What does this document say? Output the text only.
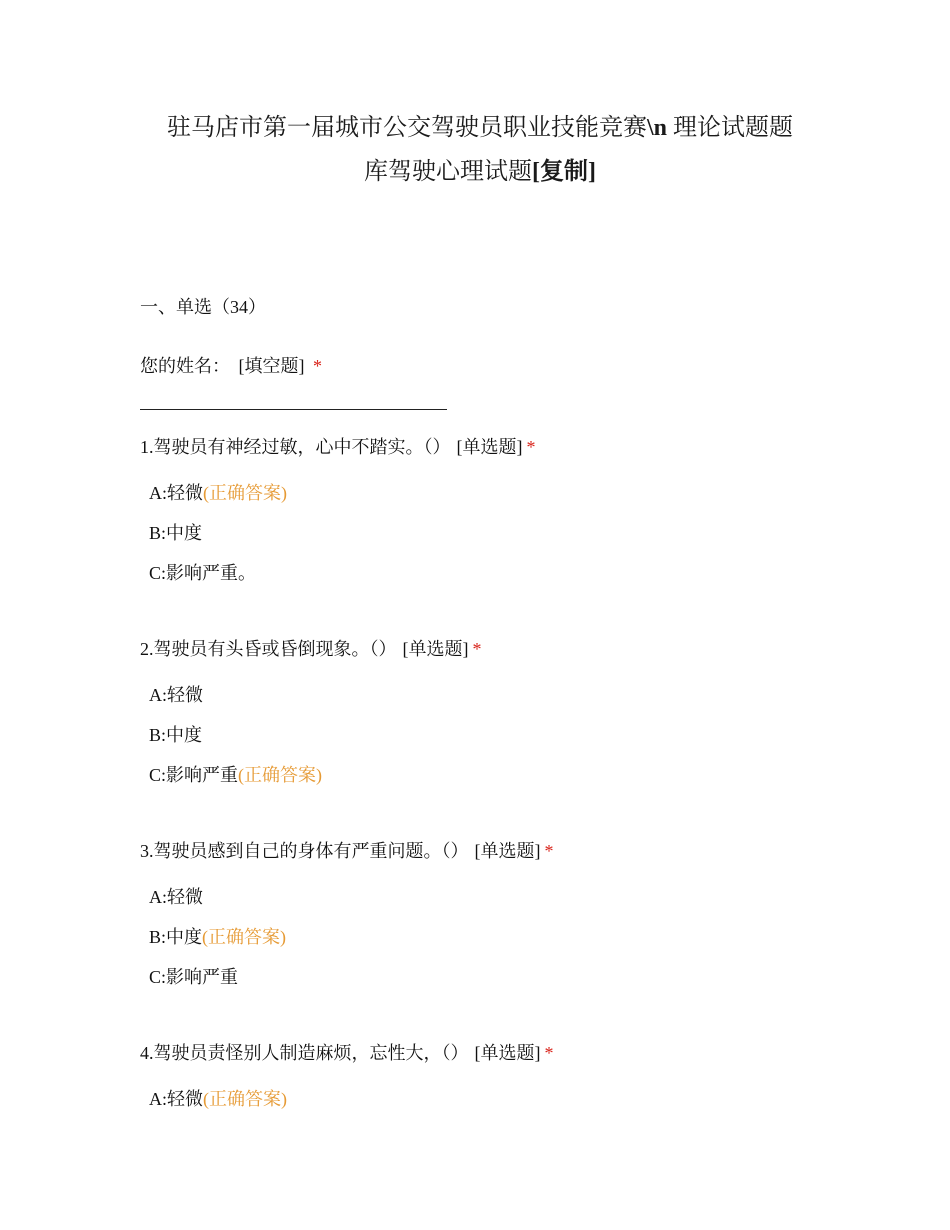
驻马店市第一届城市公交驾驶员职业技能竞赛\n 理论试题题
库驾驶心理试题[复制]
一、单选（34）
您的姓名： [填空题] *
1.驾驶员有神经过敏，心中不踏实。（） [单选题] *
A:轻微(正确答案)
B:中度
C:影响严重。
2.驾驶员有头昏或昏倒现象。（） [单选题] *
A:轻微
B:中度
C:影响严重(正确答案)
3.驾驶员感到自己的身体有严重问题。（） [单选题] *
A:轻微
B:中度(正确答案)
C:影响严重
4.驾驶员责怪别人制造麻烦，忘性大，（） [单选题] *
A:轻微(正确答案)
